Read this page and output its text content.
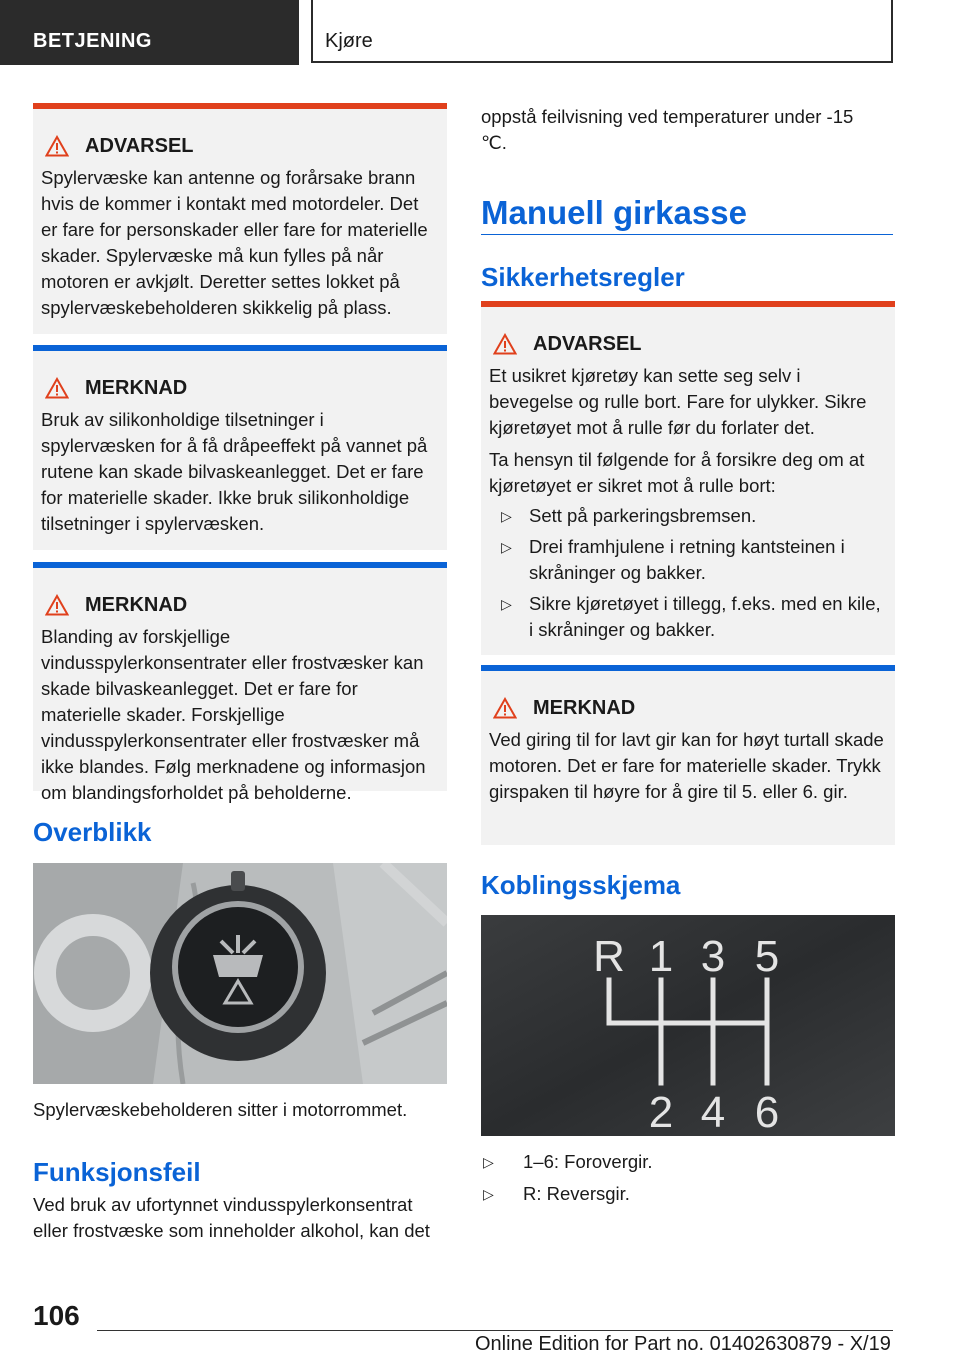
BETJENING	Kjøre
ADVARSEL

Spylervæske kan antenne og forårsake brann hvis de kommer i kontakt med motordeler. Det er fare for personskader eller fare for materielle skader. Spylervæske må kun fylles på når motoren er avkjølt. Deretter settes lokket på spylervæskebeholderen skikkelig på plass.

MERKNAD

Bruk av silikonholdige tilsetninger i spylervæsken for å få dråpeeffekt på vannet på rutene kan skade bilvaskeanlegget. Det er fare for materielle skader. Ikke bruk silikonholdige tilsetninger i spylervæsken.

MERKNAD

Blanding av forskjellige vindusspylerkonsentrater eller frostvæsker kan skade bilvaskeanlegget. Det er fare for materielle skader. Forskjellige vindusspylerkonsentrater eller frostvæsker må ikke blandes. Følg merknadene og informasjon om blandingsforholdet på beholderne.

Overblikk

Spylervæskebeholderen sitter i motorrommet.

Funksjonsfeil

Ved bruk av ufortynnet vindusspylerkonsentrat eller frostvæske som inneholder alkohol, kan det

oppstå feilvisning ved temperaturer under -15 ℃.

Manuell girkasse
Sikkerhetsregler
ADVARSEL

Et usikret kjøretøy kan sette seg selv i bevegelse og rulle bort. Fare for ulykker. Sikre kjøretøyet mot å rulle før du forlater det.

Ta hensyn til følgende for å forsikre deg om at kjøretøyet er sikret mot å rulle bort:

▷ Sett på parkeringsbremsen.
▷ Drei framhjulene i retning kantsteinen i skråninger og bakker.
▷ Sikre kjøretøyet i tillegg, f.eks. med en kile, i skråninger og bakker.
MERKNAD

Ved giring til for lavt gir kan for høyt turtall skade motoren. Det er fare for materielle skader. Trykk girspaken til høyre for å gire til 5. eller 6. gir.

Koblingsskjema
R 1 3 5
2 4 6
▷	1–6: Forovergir.
▷	R: Reversgir.
106
Online Edition for Part no. 01402630879 - X/19
